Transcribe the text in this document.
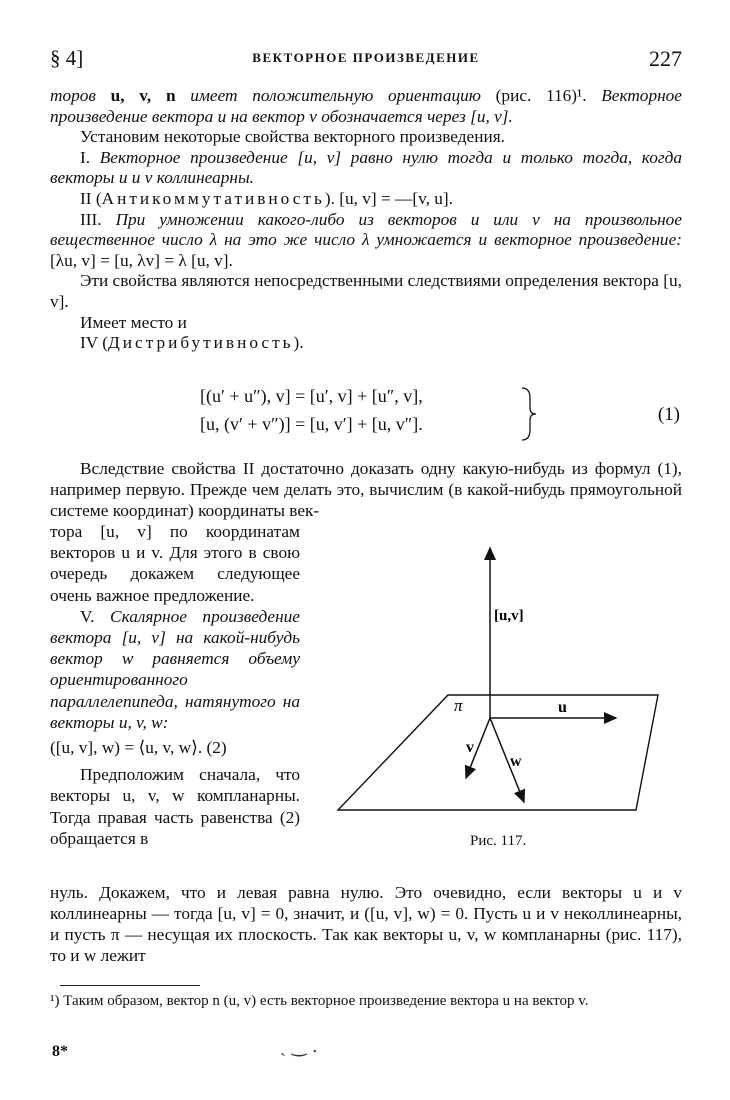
§ 4]	ВЕКТОРНОЕ ПРОИЗВЕДЕНИЕ	227

торов u, v, n имеет положительную ориентацию (рис. 116)¹. Векторное произведение вектора u на вектор v обозначается через [u, v].

Установим некоторые свойства векторного произведения.

I. Векторное произведение [u, v] равно нулю тогда и только тогда, когда векторы u и v коллинеарны.

II (Антикоммутативность). [u, v] = —[v, u].

III. При умножении какого-либо из векторов u или v на произвольное вещественное число λ на это же число λ умножается и векторное произведение: [λu, v] = [u, λv] = λ [u, v].

Эти свойства являются непосредственными следствиями определения вектора [u, v].

Имеет место и

IV (Дистрибутивность).

[(u′ + u″), v] = [u′, v] + [u″, v],
[u, (v′ + v″)] = [u, v′] + [u, v″].	(1)

Вследствие свойства II достаточно доказать одну какую-нибудь из формул (1), например первую. Прежде чем делать это, вычислим (в какой-нибудь прямоугольной системе координат) координаты век-

тора [u, v] по координатам векторов u и v. Для этого в свою очередь докажем следующее очень важное предложение.

V. Скалярное произведение вектора [u, v] на какой-нибудь вектор w равняется объему ориентированного параллелепипеда, натянутого на векторы u, v, w:

([u, v], w) = ⟨u, v, w⟩. (2)

Предположим сначала, что векторы u, v, w компланарны. Тогда правая часть равенства (2) обращается в

[u,v]
π	u
v
w
Рис. 117.

нуль. Докажем, что и левая равна нулю. Это очевидно, если векторы u и v коллинеарны — тогда [u, v] = 0, значит, и ([u, v], w) = 0. Пусть u и v неколлинеарны, и пусть π — несущая их плоскость. Так как векторы u, v, w компланарны (рис. 117), то и w лежит

¹) Таким образом, вектор n (u, v) есть векторное произведение вектора u на вектор v.
8*	ˎ ‿ .
